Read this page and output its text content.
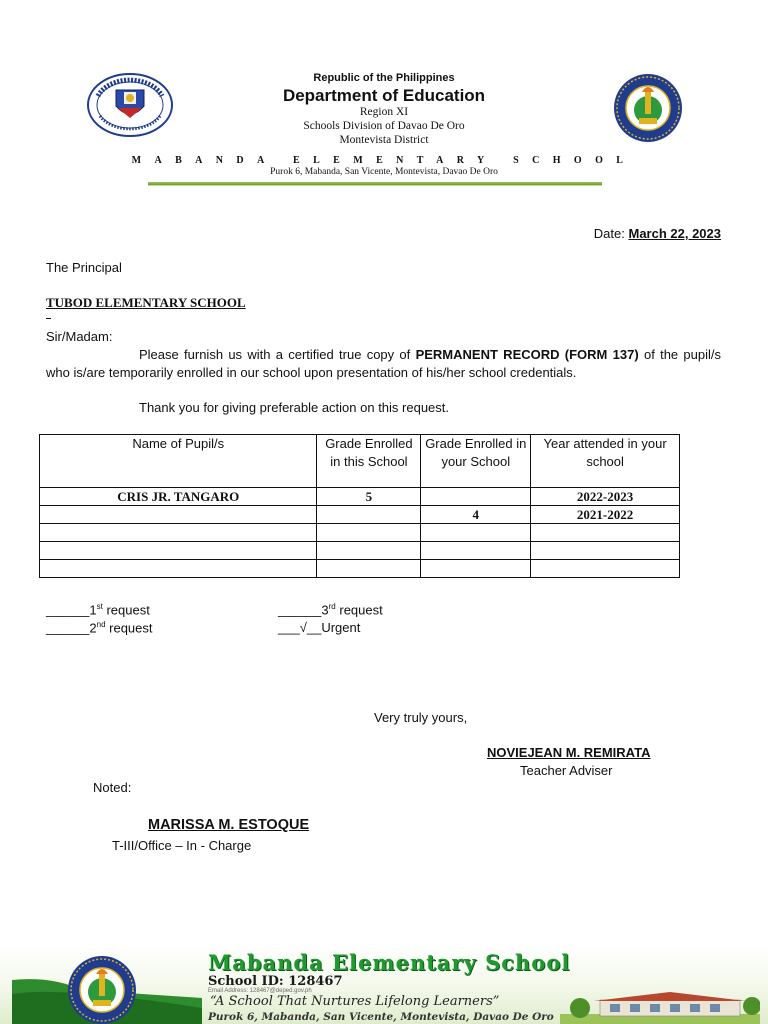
Republic of the Philippines
Department of Education
Region XI
Schools Division of Davao De Oro
Montevista District
MABANDA ELEMENTARY SCHOOL
Purok 6, Mabanda, San Vicente, Montevista, Davao De Oro
Date: March 22, 2023
The Principal
TUBOD ELEMENTARY SCHOOL
Sir/Madam:
Please furnish us with a certified true copy of PERMANENT RECORD (FORM 137) of the pupil/s who is/are temporarily enrolled in our school upon presentation of his/her school credentials.
Thank you for giving preferable action on this request.
Name of Pupil/s	Grade Enrolled in this School	Grade Enrolled in your School	Year attended in your school
CRIS JR. TANGARO	5		2022-2023
		4	2021-2022

______1st request
______2nd request
______3rd request
___√__Urgent
Very truly yours,
NOVIEJEAN M. REMIRATA
Teacher Adviser
Noted:
MARISSA M. ESTOQUE
T-III/Office – In - Charge
Mabanda Elementary School
School ID: 128467
Email Address: 128467@deped.gov.ph
“A School That Nurtures Lifelong Learners”
Purok 6, Mabanda, San Vicente, Montevista, Davao De Oro
